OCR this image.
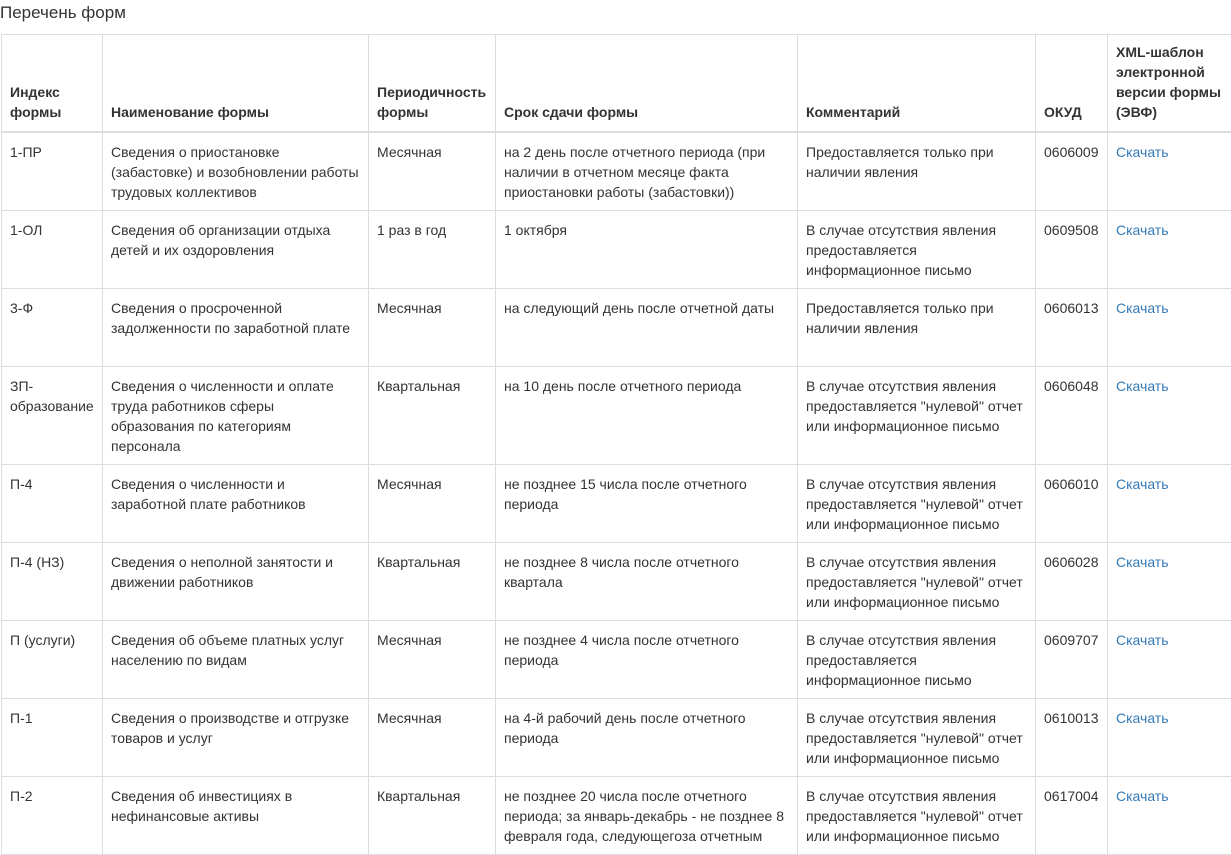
Перечень форм
Индекс формы	Наименование формы	Периодичность формы	Срок сдачи формы	Комментарий	ОКУД	XML-шаблон электронной версии формы (ЭВФ)
1-ПР	Сведения о приостановке (забастовке) и возобновлении работы трудовых коллективов	Месячная	на 2 день после отчетного периода (при наличии в отчетном месяце факта приостановки работы (забастовки))	Предоставляется только при наличии явления	0606009	Скачать
1-ОЛ	Сведения об организации отдыха детей и их оздоровления	1 раз в год	1 октября	В случае отсутствия явления предоставляется информационное письмо	0609508	Скачать
3-Ф	Сведения о просроченной задолженности по заработной плате	Месячная	на следующий день после отчетной даты	Предоставляется только при наличии явления	0606013	Скачать
ЗП-образование	Сведения о численности и оплате труда работников сферы образования по категориям персонала	Квартальная	на 10 день после отчетного периода	В случае отсутствия явления предоставляется "нулевой" отчет или информационное письмо	0606048	Скачать
П-4	Сведения о численности и заработной плате работников	Месячная	не позднее 15 числа после отчетного периода	В случае отсутствия явления предоставляется "нулевой" отчет или информационное письмо	0606010	Скачать
П-4 (НЗ)	Сведения о неполной занятости и движении работников	Квартальная	не позднее 8 числа после отчетного квартала	В случае отсутствия явления предоставляется "нулевой" отчет или информационное письмо	0606028	Скачать
П (услуги)	Сведения об объеме платных услуг населению по видам	Месячная	не позднее 4 числа после отчетного периода	В случае отсутствия явления предоставляется информационное письмо	0609707	Скачать
П-1	Сведения о производстве и отгрузке товаров и услуг	Месячная	на 4-й рабочий день после отчетного периода	В случае отсутствия явления предоставляется "нулевой" отчет или информационное письмо	0610013	Скачать
П-2	Сведения об инвестициях в нефинансовые активы	Квартальная	не позднее 20 числа после отчетного периода; за январь-декабрь - не позднее 8 февраля года, следующегоза отчетным	В случае отсутствия явления предоставляется "нулевой" отчет или информационное письмо	0617004	Скачать
